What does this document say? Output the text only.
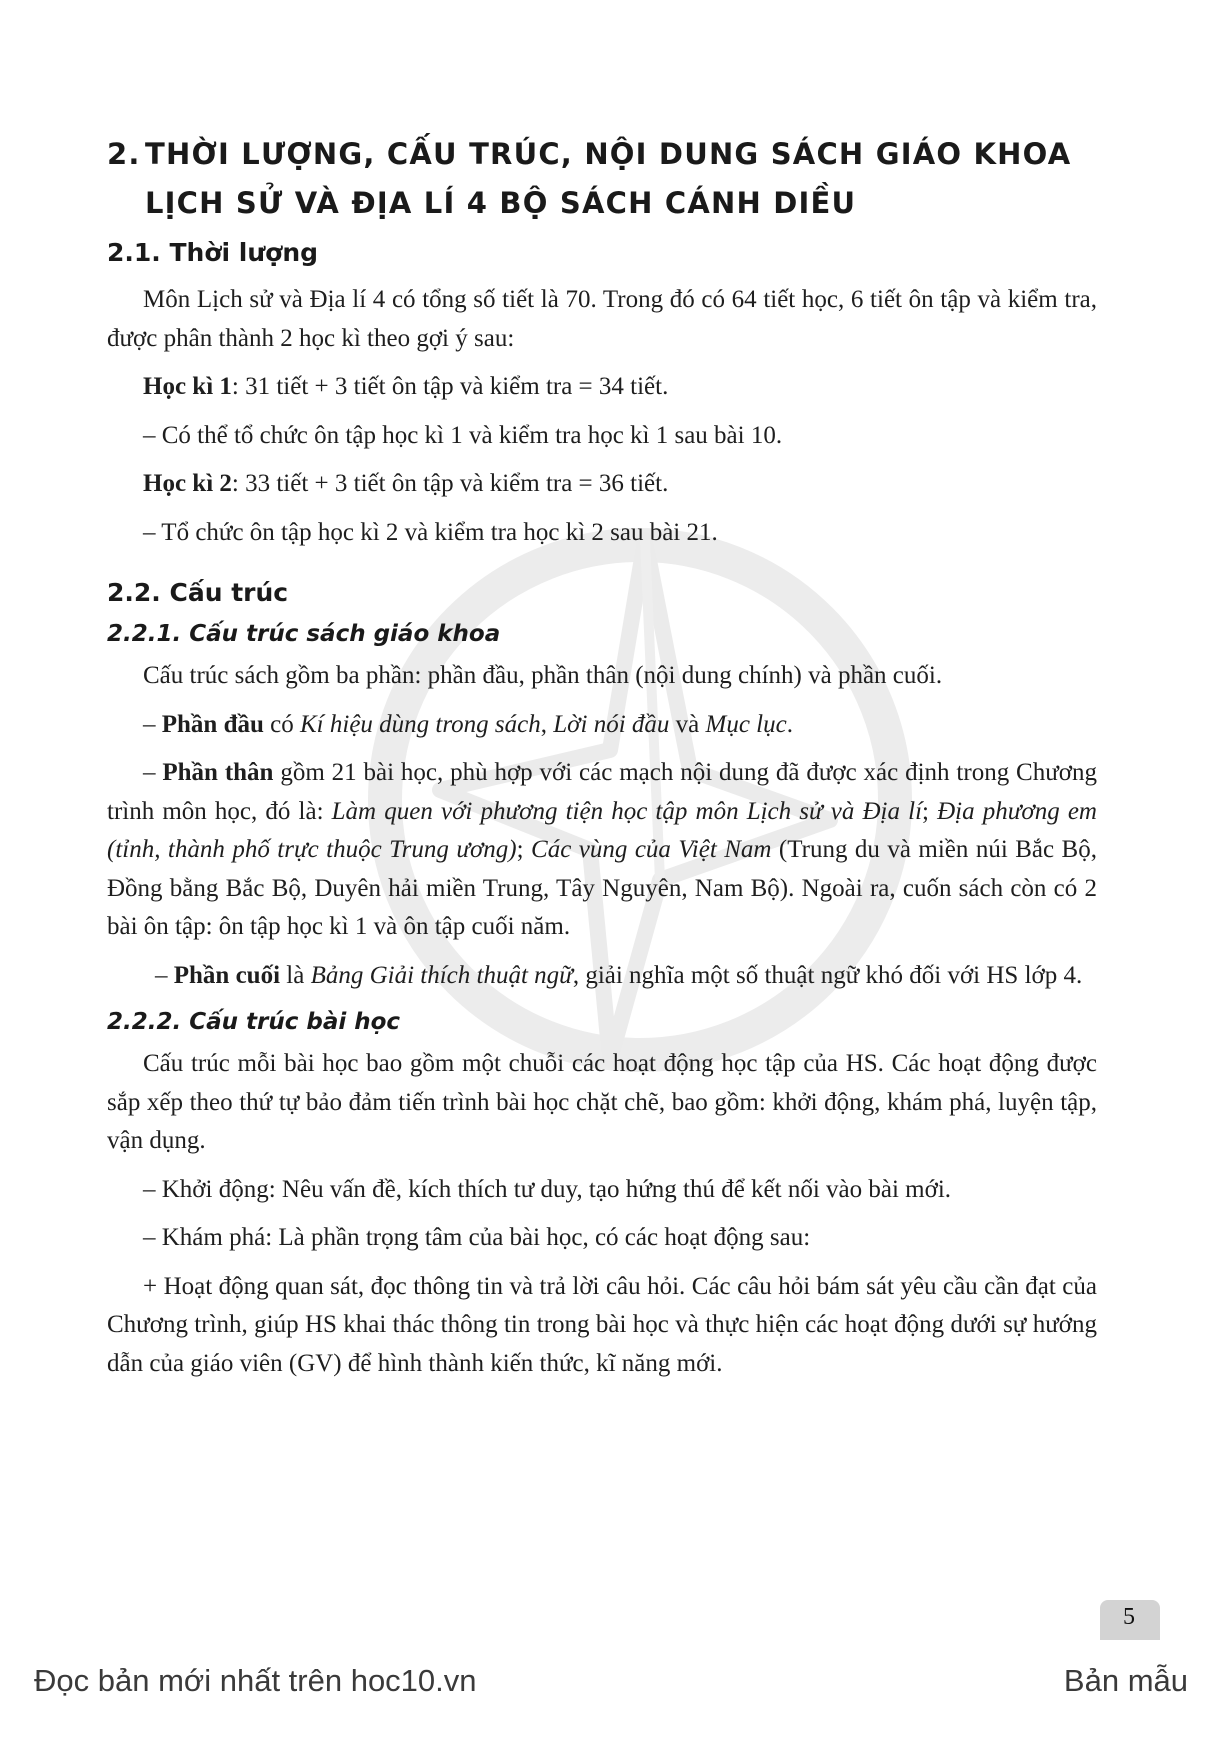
2. THỜI LƯỢNG, CẤU TRÚC, NỘI DUNG SÁCH GIÁO KHOA
LỊCH SỬ VÀ ĐỊA LÍ 4 BỘ SÁCH CÁNH DIỀU
2.1. Thời lượng

Môn Lịch sử và Địa lí 4 có tổng số tiết là 70. Trong đó có 64 tiết học, 6 tiết ôn tập và kiểm tra, được phân thành 2 học kì theo gợi ý sau:

Học kì 1: 31 tiết + 3 tiết ôn tập và kiểm tra = 34 tiết.

– Có thể tổ chức ôn tập học kì 1 và kiểm tra học kì 1 sau bài 10.

Học kì 2: 33 tiết + 3 tiết ôn tập và kiểm tra = 36 tiết.

– Tổ chức ôn tập học kì 2 và kiểm tra học kì 2 sau bài 21.

2.2. Cấu trúc
2.2.1. Cấu trúc sách giáo khoa

Cấu trúc sách gồm ba phần: phần đầu, phần thân (nội dung chính) và phần cuối.

– Phần đầu có Kí hiệu dùng trong sách, Lời nói đầu và Mục lục.

– Phần thân gồm 21 bài học, phù hợp với các mạch nội dung đã được xác định trong Chương trình môn học, đó là: Làm quen với phương tiện học tập môn Lịch sử và Địa lí; Địa phương em (tỉnh, thành phố trực thuộc Trung ương); Các vùng của Việt Nam (Trung du và miền núi Bắc Bộ, Đồng bằng Bắc Bộ, Duyên hải miền Trung, Tây Nguyên, Nam Bộ). Ngoài ra, cuốn sách còn có 2 bài ôn tập: ôn tập học kì 1 và ôn tập cuối năm.

– Phần cuối là Bảng Giải thích thuật ngữ, giải nghĩa một số thuật ngữ khó đối với HS lớp 4.

2.2.2. Cấu trúc bài học

Cấu trúc mỗi bài học bao gồm một chuỗi các hoạt động học tập của HS. Các hoạt động được sắp xếp theo thứ tự bảo đảm tiến trình bài học chặt chẽ, bao gồm: khởi động, khám phá, luyện tập, vận dụng.

– Khởi động: Nêu vấn đề, kích thích tư duy, tạo hứng thú để kết nối vào bài mới.

– Khám phá: Là phần trọng tâm của bài học, có các hoạt động sau:

+ Hoạt động quan sát, đọc thông tin và trả lời câu hỏi. Các câu hỏi bám sát yêu cầu cần đạt của Chương trình, giúp HS khai thác thông tin trong bài học và thực hiện các hoạt động dưới sự hướng dẫn của giáo viên (GV) để hình thành kiến thức, kĩ năng mới.

5
Đọc bản mới nhất trên hoc10.vn	Bản mẫu
